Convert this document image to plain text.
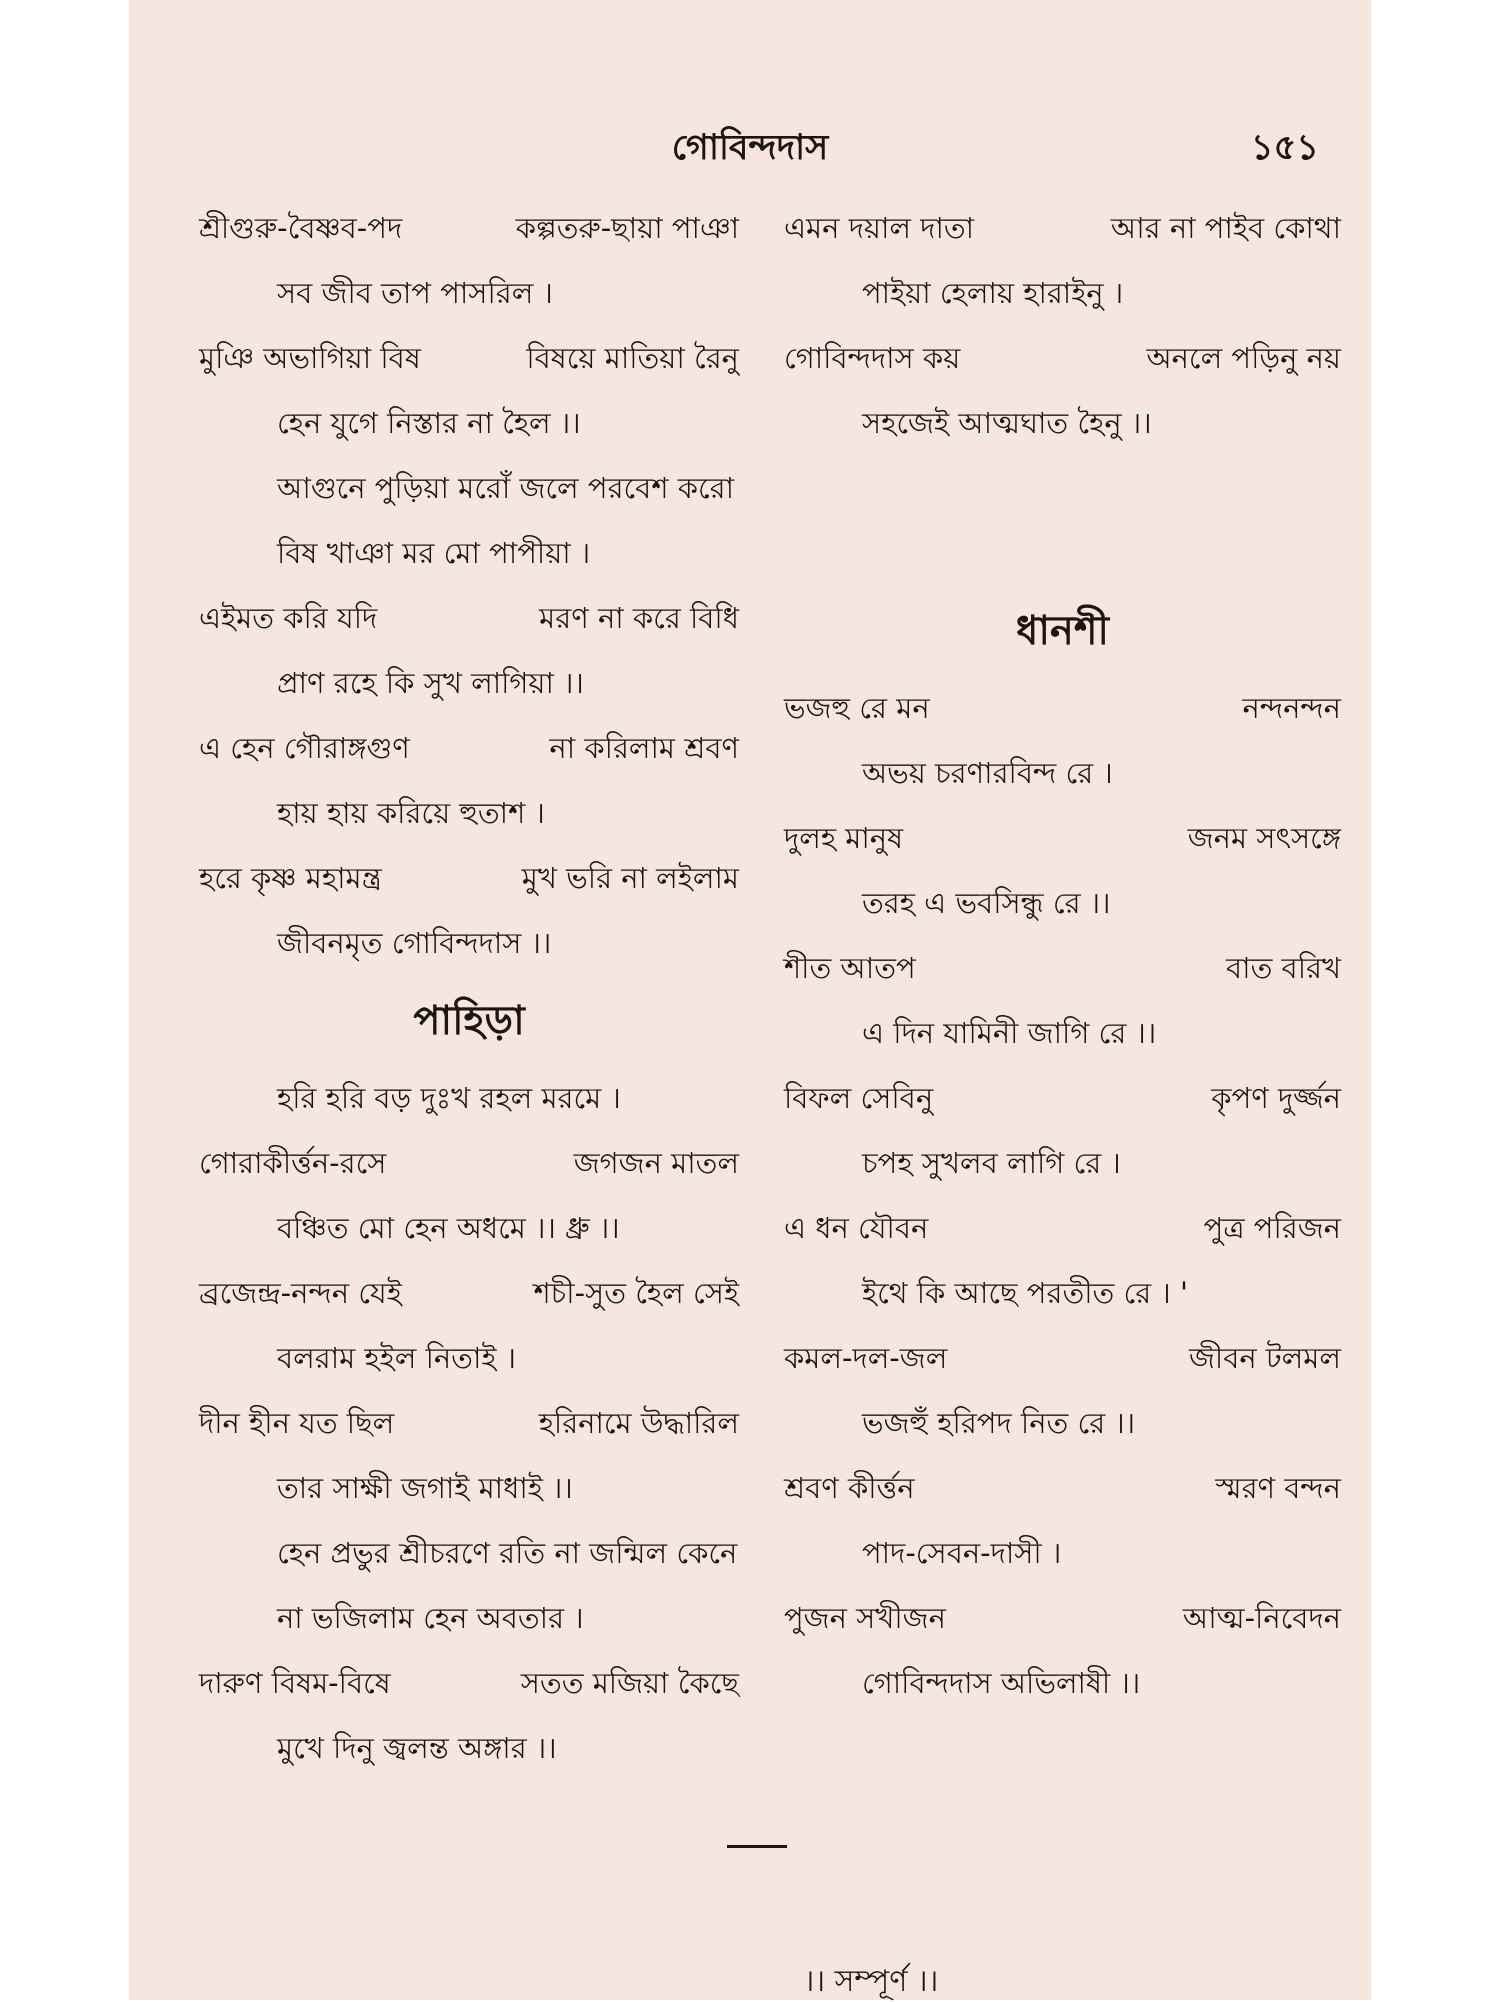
গোবিন্দদাস	১৫১
শ্রীগুরু-বৈষ্ণব-পদ	কল্পতরু-ছায়া পাঞা
সব জীব তাপ পাসরিল ।
মুঞি অভাগিয়া বিষ	বিষয়ে মাতিয়া রৈনু
হেন যুগে নিস্তার না হৈল ।।
আগুনে পুড়িয়া মরোঁ জলে পরবেশ করো
বিষ খাঞা মর মো পাপীয়া ।
এইমত করি যদি	মরণ না করে বিধি
প্রাণ রহে কি সুখ লাগিয়া ।।
এ হেন গৌরাঙ্গগুণ	না করিলাম শ্রবণ
হায় হায় করিয়ে হুতাশ ।
হরে কৃষ্ণ মহামন্ত্র	মুখ ভরি না লইলাম
জীবনমৃত গোবিন্দদাস ।।
পাহিড়া
হরি হরি বড় দুঃখ রহল মরমে ।
গোরাকীর্ত্তন-রসে	জগজন মাতল
বঞ্চিত মো হেন অধমে ।। ধ্রু ।।
ব্রজেন্দ্র-নন্দন যেই	শচী-সুত হৈল সেই
বলরাম হইল নিতাই ।
দীন হীন যত ছিল	হরিনামে উদ্ধারিল
তার সাক্ষী জগাই মাধাই ।।
হেন প্রভুর শ্রীচরণে রতি না জন্মিল কেনে
না ভজিলাম হেন অবতার ।
দারুণ বিষম-বিষে	সতত মজিয়া কৈছে
মুখে দিনু জ্বলন্ত অঙ্গার ।।
এমন দয়াল দাতা	আর না পাইব কোথা
পাইয়া হেলায় হারাইনু ।
গোবিন্দদাস কয়	অনলে পড়িনু নয়
সহজেই আত্মঘাত হৈনু ।।
ধানশী
ভজহু রে মন	নন্দনন্দন
অভয় চরণারবিন্দ রে ।
দুলহ মানুষ	জনম সৎসঙ্গে
তরহ এ ভবসিন্ধু রে ।।
শীত আতপ	বাত বরিখ
এ দিন যামিনী জাগি রে ।।
বিফল সেবিনু	কৃপণ দুর্জ্জন
চপহ সুখলব লাগি রে ।
এ ধন যৌবন	পুত্র পরিজন
ইথে কি আছে পরতীত রে । '
কমল-দল-জল	জীবন টলমল
ভজহুঁ হরিপদ নিত রে ।।
শ্রবণ কীর্ত্তন	স্মরণ বন্দন
পাদ-সেবন-দাসী ।
পুজন সখীজন	আত্ম-নিবেদন
গোবিন্দদাস অভিলাষী ।।
।। সম্পূর্ণ ।।
